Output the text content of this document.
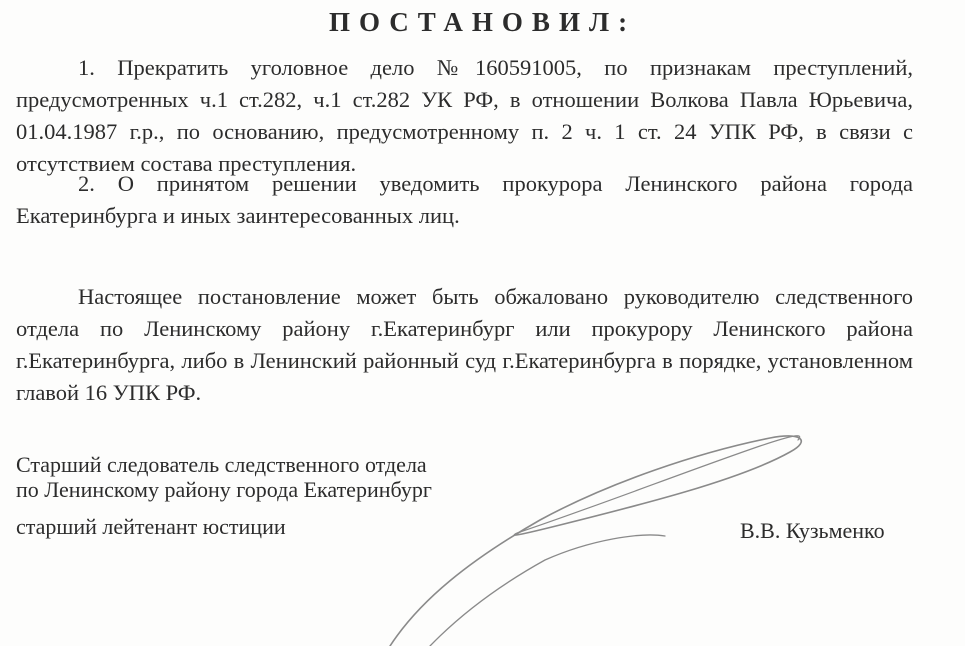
ПОСТАНОВИЛ:
1. Прекратить уголовное дело №160591005, по признакам преступлений, предусмотренных ч.1 ст.282, ч.1 ст.282 УК РФ, в отношении Волкова Павла Юрьевича, 01.04.1987 г.р., по основанию, предусмотренному п. 2 ч. 1 ст. 24 УПК РФ, в связи с отсутствием состава преступления.
2. О принятом решении уведомить прокурора Ленинского района города Екатеринбурга и иных заинтересованных лиц.
Настоящее постановление может быть обжаловано руководителю следственного отдела по Ленинскому району г.Екатеринбург или прокурору Ленинского района г.Екатеринбурга, либо в Ленинский районный суд г.Екатеринбурга в порядке, установленном главой 16 УПК РФ.
Старший следователь следственного отдела
по Ленинскому району города Екатеринбург
старший лейтенант юстиции	В.В. Кузьменко
